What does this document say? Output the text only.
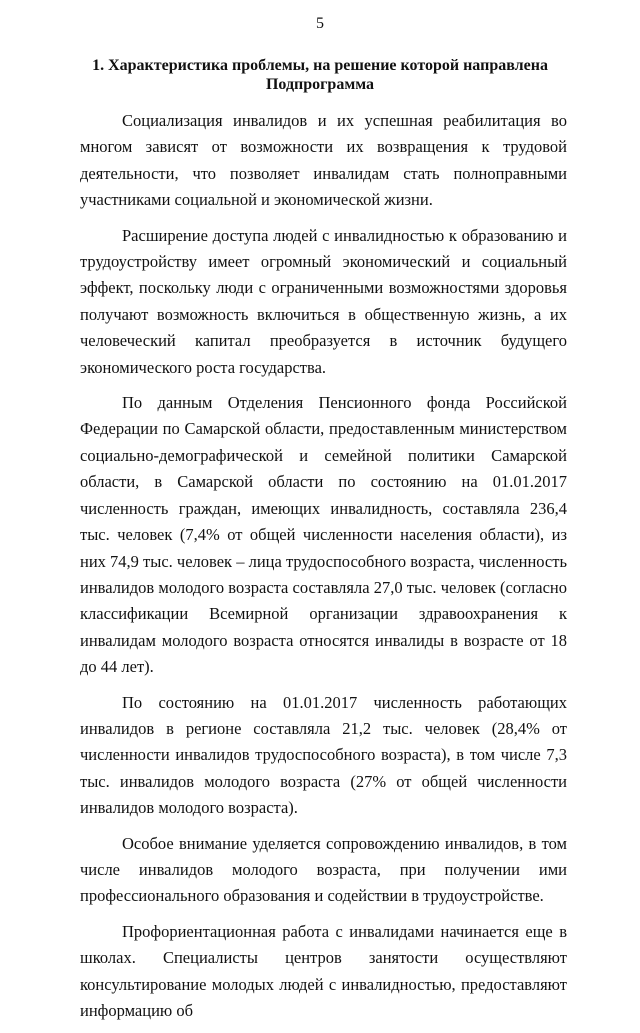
5
1. Характеристика проблемы, на решение которой направлена
Подпрограмма

Социализация инвалидов и их успешная реабилитация во многом зависят от возможности их возвращения к трудовой деятельности, что позволяет инвалидам стать полноправными участниками социальной и экономической жизни.

Расширение доступа людей с инвалидностью к образованию и трудоустройству имеет огромный экономический и социальный эффект, поскольку люди с ограниченными возможностями здоровья получают возможность включиться в общественную жизнь, а их человеческий капитал преобразуется в источник будущего экономического роста государства.

По данным Отделения Пенсионного фонда Российской Федерации по Самарской области, предоставленным министерством социально-демографической и семейной политики Самарской области, в Самарской области по состоянию на 01.01.2017 численность граждан, имеющих инвалидность, составляла 236,4 тыс. человек (7,4% от общей численности населения области), из них 74,9 тыс. человек – лица трудоспособного возраста, численность инвалидов молодого возраста составляла 27,0 тыс. человек (согласно классификации Всемирной организации здравоохранения к инвалидам молодого возраста относятся инвалиды в возрасте от 18 до 44 лет).

По состоянию на 01.01.2017 численность работающих инвалидов в регионе составляла 21,2 тыс. человек (28,4% от численности инвалидов трудоспособного возраста), в том числе 7,3 тыс. инвалидов молодого возраста (27% от общей численности инвалидов молодого возраста).

Особое внимание уделяется сопровождению инвалидов, в том числе инвалидов молодого возраста, при получении ими профессионального образования и содействии в трудоустройстве.

Профориентационная работа с инвалидами начинается еще в школах. Специалисты центров занятости осуществляют консультирование молодых людей с инвалидностью, предоставляют информацию об
